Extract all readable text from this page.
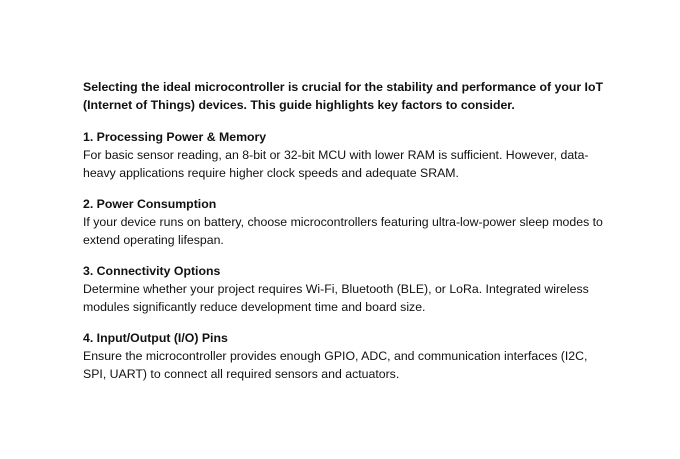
Selecting the ideal microcontroller is crucial for the stability and performance of your IoT (Internet of Things) devices. This guide highlights key factors to consider.

1. Processing Power & Memory

For basic sensor reading, an 8-bit or 32-bit MCU with lower RAM is sufficient. However, data-heavy applications require higher clock speeds and adequate SRAM.

2. Power Consumption

If your device runs on battery, choose microcontrollers featuring ultra-low-power sleep modes to extend operating lifespan.

3. Connectivity Options

Determine whether your project requires Wi-Fi, Bluetooth (BLE), or LoRa. Integrated wireless modules significantly reduce development time and board size.

4. Input/Output (I/O) Pins

Ensure the microcontroller provides enough GPIO, ADC, and communication interfaces (I2C, SPI, UART) to connect all required sensors and actuators.
